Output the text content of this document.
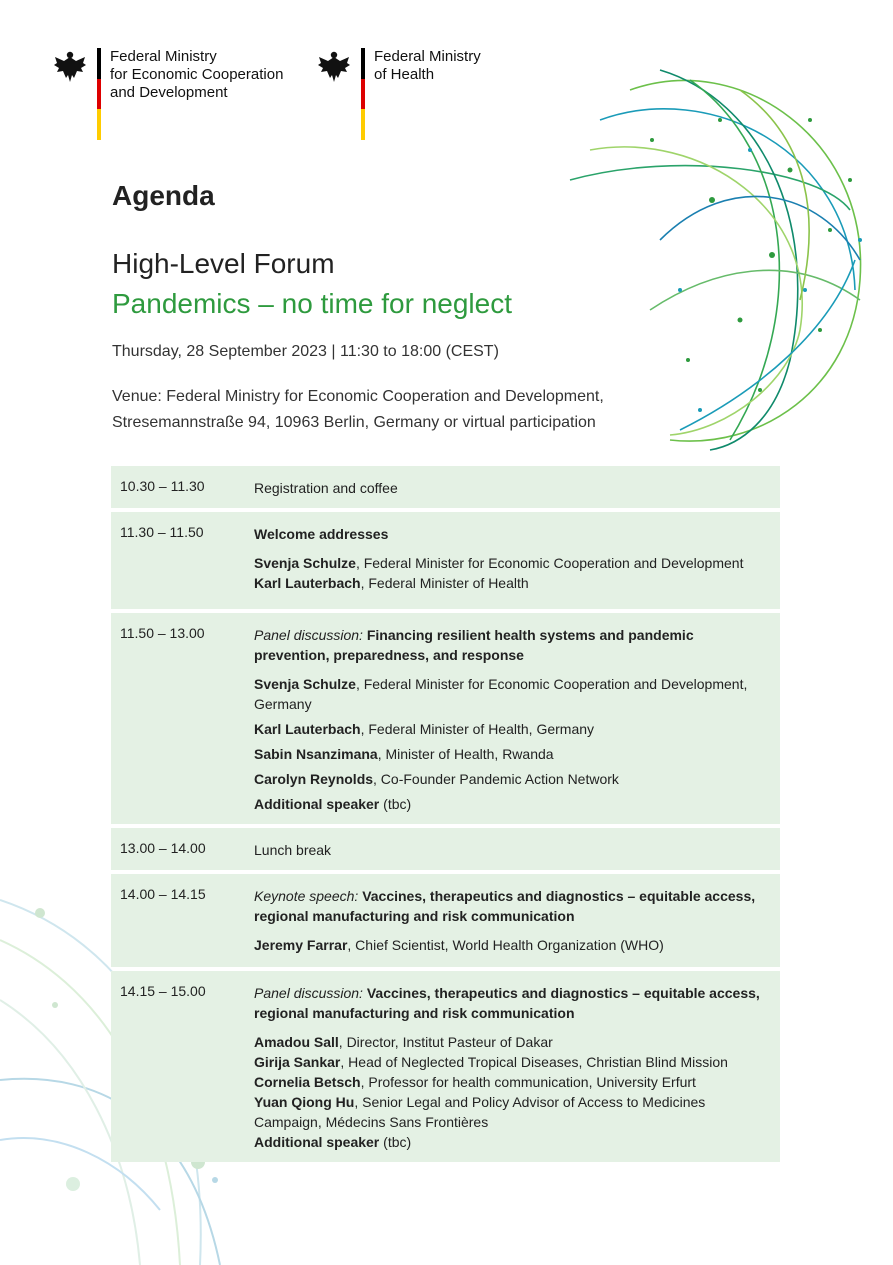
Federal Ministry
for Economic Cooperation
and Development
Federal Ministry
of Health
Agenda
High-Level Forum
Pandemics – no time for neglect
Thursday, 28 September 2023 | 11:30 to 18:00 (CEST)
Venue: Federal Ministry for Economic Cooperation and Development,
Stresemannstraße 94, 10963 Berlin, Germany or virtual participation
10.30 – 11.30	Registration and coffee
11.30 – 11.50	Welcome addresses
Svenja Schulze, Federal Minister for Economic Cooperation and Development
Karl Lauterbach, Federal Minister of Health
11.50 – 13.00	Panel discussion: Financing resilient health systems and pandemic prevention, preparedness, and response
Svenja Schulze, Federal Minister for Economic Cooperation and Development, Germany
Karl Lauterbach, Federal Minister of Health, Germany
Sabin Nsanzimana, Minister of Health, Rwanda
Carolyn Reynolds, Co-Founder Pandemic Action Network
Additional speaker (tbc)
13.00 – 14.00	Lunch break
14.00 – 14.15	Keynote speech: Vaccines, therapeutics and diagnostics – equitable access, regional manufacturing and risk communication
Jeremy Farrar, Chief Scientist, World Health Organization (WHO)
14.15 – 15.00	Panel discussion: Vaccines, therapeutics and diagnostics – equitable access, regional manufacturing and risk communication
Amadou Sall, Director, Institut Pasteur of Dakar
Girija Sankar, Head of Neglected Tropical Diseases, Christian Blind Mission
Cornelia Betsch, Professor for health communication, University Erfurt
Yuan Qiong Hu, Senior Legal and Policy Advisor of Access to Medicines Campaign, Médecins Sans Frontières
Additional speaker (tbc)
